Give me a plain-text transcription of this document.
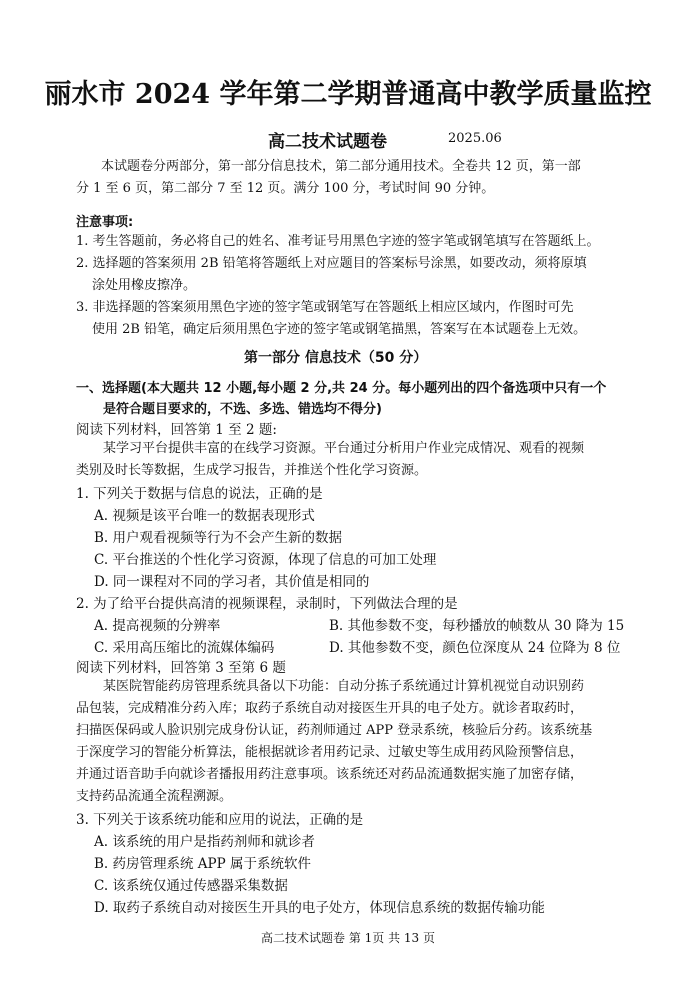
丽水市 2024 学年第二学期普通高中教学质量监控
高二技术试题卷	2025.06
本试题卷分两部分，第一部分信息技术，第二部分通用技术。全卷共 12 页，第一部
分 1 至 6 页，第二部分 7 至 12 页。满分 100 分，考试时间 90 分钟。
注意事项:
1. 考生答题前，务必将自己的姓名、准考证号用黑色字迹的签字笔或钢笔填写在答题纸上。
2. 选择题的答案须用 2B 铅笔将答题纸上对应题目的答案标号涂黑，如要改动，须将原填
涂处用橡皮擦净。
3. 非选择题的答案须用黑色字迹的签字笔或钢笔写在答题纸上相应区域内，作图时可先
使用 2B 铅笔，确定后须用黑色字迹的签字笔或钢笔描黑，答案写在本试题卷上无效。
第一部分 信息技术（50 分）
一、选择题(本大题共 12 小题,每小题 2 分,共 24 分。每小题列出的四个备选项中只有一个
是符合题目要求的，不选、多选、错选均不得分)
阅读下列材料，回答第 1 至 2 题:
某学习平台提供丰富的在线学习资源。平台通过分析用户作业完成情况、观看的视频
类别及时长等数据，生成学习报告，并推送个性化学习资源。
1. 下列关于数据与信息的说法，正确的是
A. 视频是该平台唯一的数据表现形式
B. 用户观看视频等行为不会产生新的数据
C. 平台推送的个性化学习资源，体现了信息的可加工处理
D. 同一课程对不同的学习者，其价值是相同的
2. 为了给平台提供高清的视频课程，录制时，下列做法合理的是
A. 提高视频的分辨率	B. 其他参数不变，每秒播放的帧数从 30 降为 15
C. 采用高压缩比的流媒体编码	D. 其他参数不变，颜色位深度从 24 位降为 8 位
阅读下列材料，回答第 3 至第 6 题
某医院智能药房管理系统具备以下功能：自动分拣子系统通过计算机视觉自动识别药
品包装，完成精准分药入库；取药子系统自动对接医生开具的电子处方。就诊者取药时，
扫描医保码或人脸识别完成身份认证，药剂师通过 APP 登录系统，核验后分药。该系统基
于深度学习的智能分析算法，能根据就诊者用药记录、过敏史等生成用药风险预警信息，
并通过语音助手向就诊者播报用药注意事项。该系统还对药品流通数据实施了加密存储，
支持药品流通全流程溯源。
3. 下列关于该系统功能和应用的说法，正确的是
A. 该系统的用户是指药剂师和就诊者
B. 药房管理系统 APP 属于系统软件
C. 该系统仅通过传感器采集数据
D. 取药子系统自动对接医生开具的电子处方，体现信息系统的数据传输功能
高二技术试题卷 第 1页 共 13 页
